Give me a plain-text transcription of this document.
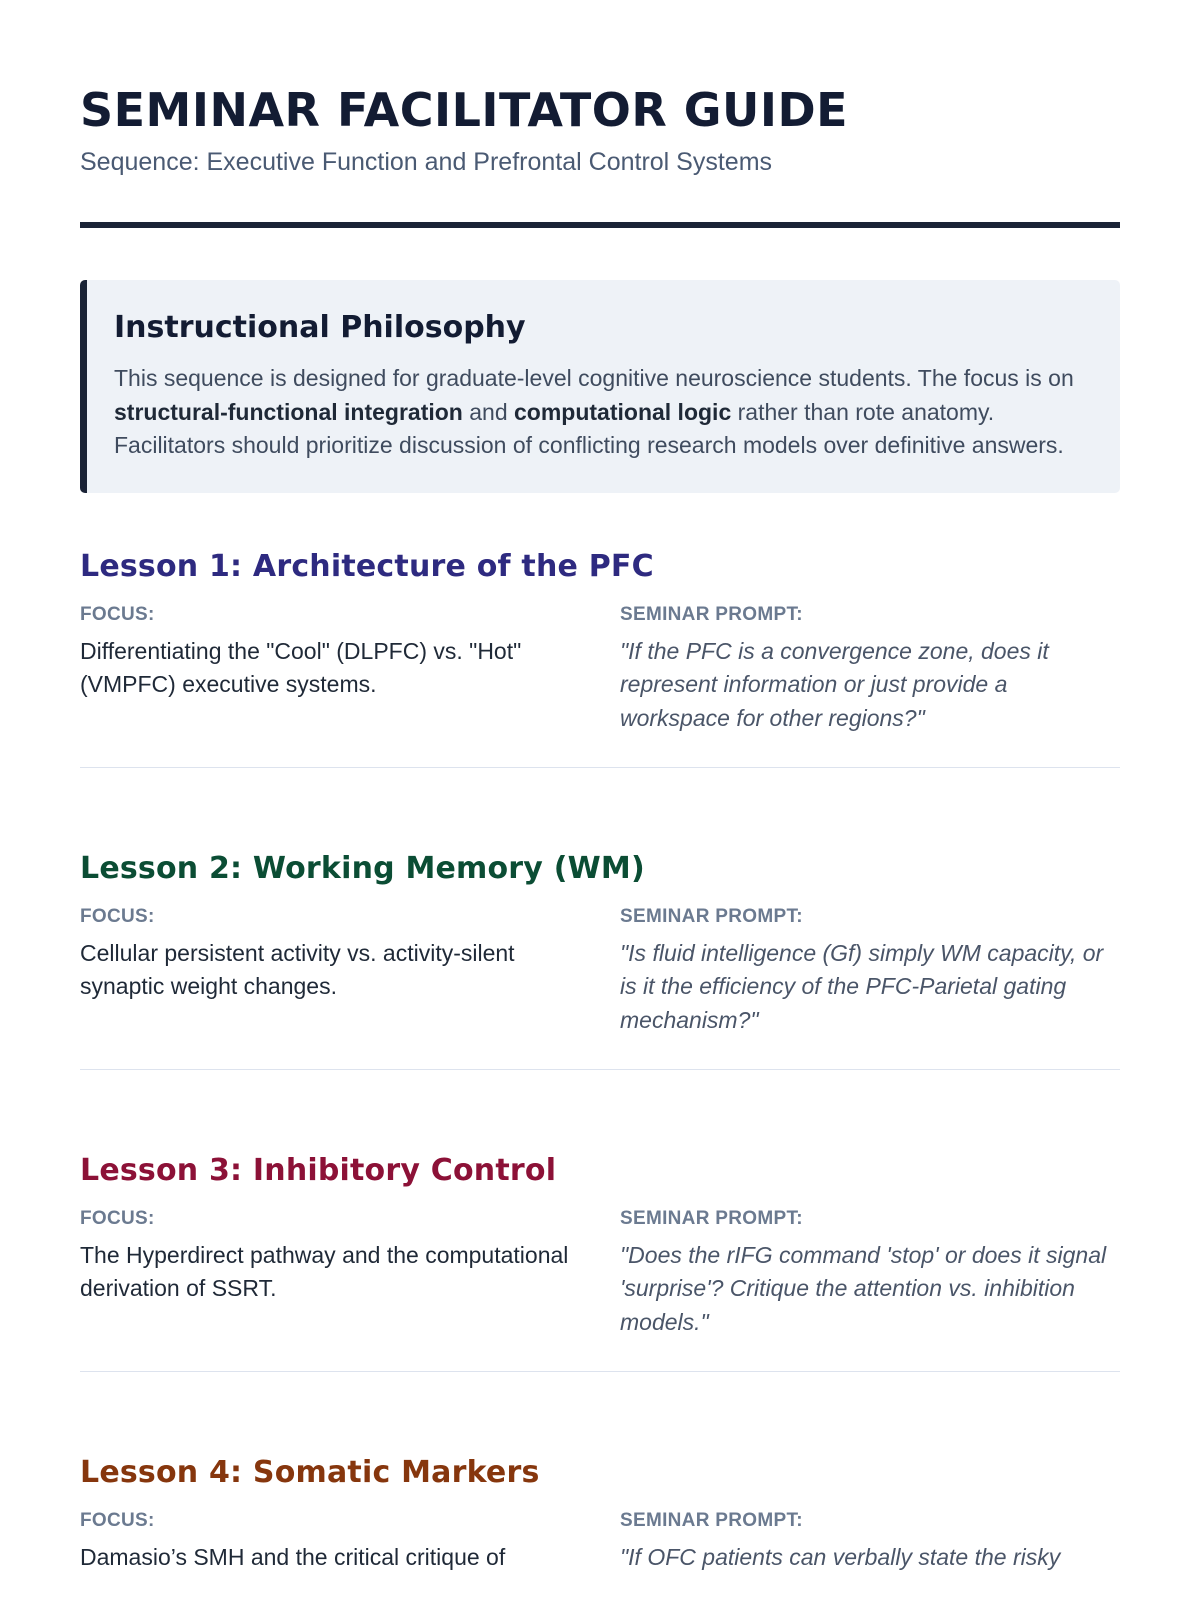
SEMINAR FACILITATOR GUIDE

Sequence: Executive Function and Prefrontal Control Systems

Instructional Philosophy

This sequence is designed for graduate-level cognitive neuroscience students. The focus is on structural-functional integration and computational logic rather than rote anatomy. Facilitators should prioritize discussion of conflicting research models over definitive answers.

Lesson 1: Architecture of the PFC
FOCUS:
Differentiating the "Cool" (DLPFC) vs. "Hot" (VMPFC) executive systems.
SEMINAR PROMPT:
"If the PFC is a convergence zone, does it represent information or just provide a workspace for other regions?"
Lesson 2: Working Memory (WM)
FOCUS:
Cellular persistent activity vs. activity-silent synaptic weight changes.
SEMINAR PROMPT:
"Is fluid intelligence (Gf) simply WM capacity, or is it the efficiency of the PFC-Parietal gating mechanism?"
Lesson 3: Inhibitory Control
FOCUS:
The Hyperdirect pathway and the computational derivation of SSRT.
SEMINAR PROMPT:
"Does the rIFG command 'stop' or does it signal 'surprise'? Critique the attention vs. inhibition models."
Lesson 4: Somatic Markers
FOCUS:
Damasio’s SMH and the critical critique of
SEMINAR PROMPT:
"If OFC patients can verbally state the risky
